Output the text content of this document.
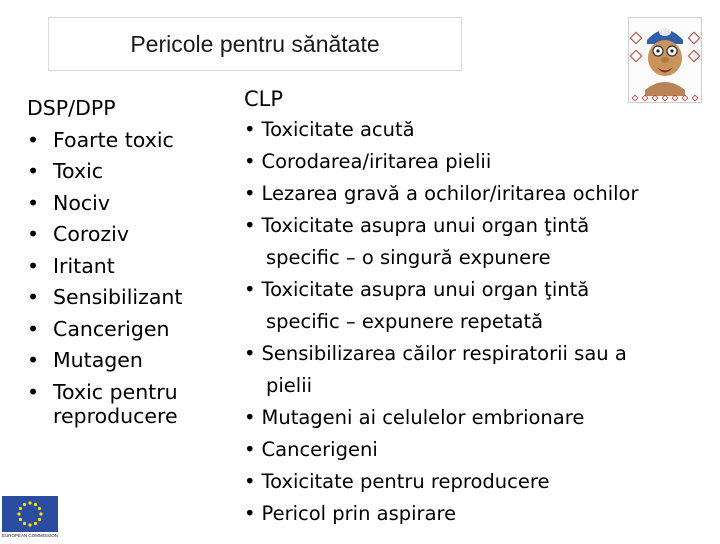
Pericole pentru sănătate
DSP/DPP
• Foarte toxic
• Toxic
• Nociv
• Coroziv
• Iritant
• Sensibilizant
• Cancerigen
• Mutagen
• Toxic pentru
reproducere
CLP
• Toxicitate acută
• Corodarea/iritarea pielii
• Lezarea gravă a ochilor/iritarea ochilor
• Toxicitate asupra unui organ ţintă
specific – o singură expunere
• Toxicitate asupra unui organ ţintă
specific – expunere repetată
• Sensibilizarea căilor respiratorii sau a
pielii
• Mutageni ai celulelor embrionare
• Cancerigeni
• Toxicitate pentru reproducere
• Pericol prin aspirare
EUROPEAN COMMISSION
